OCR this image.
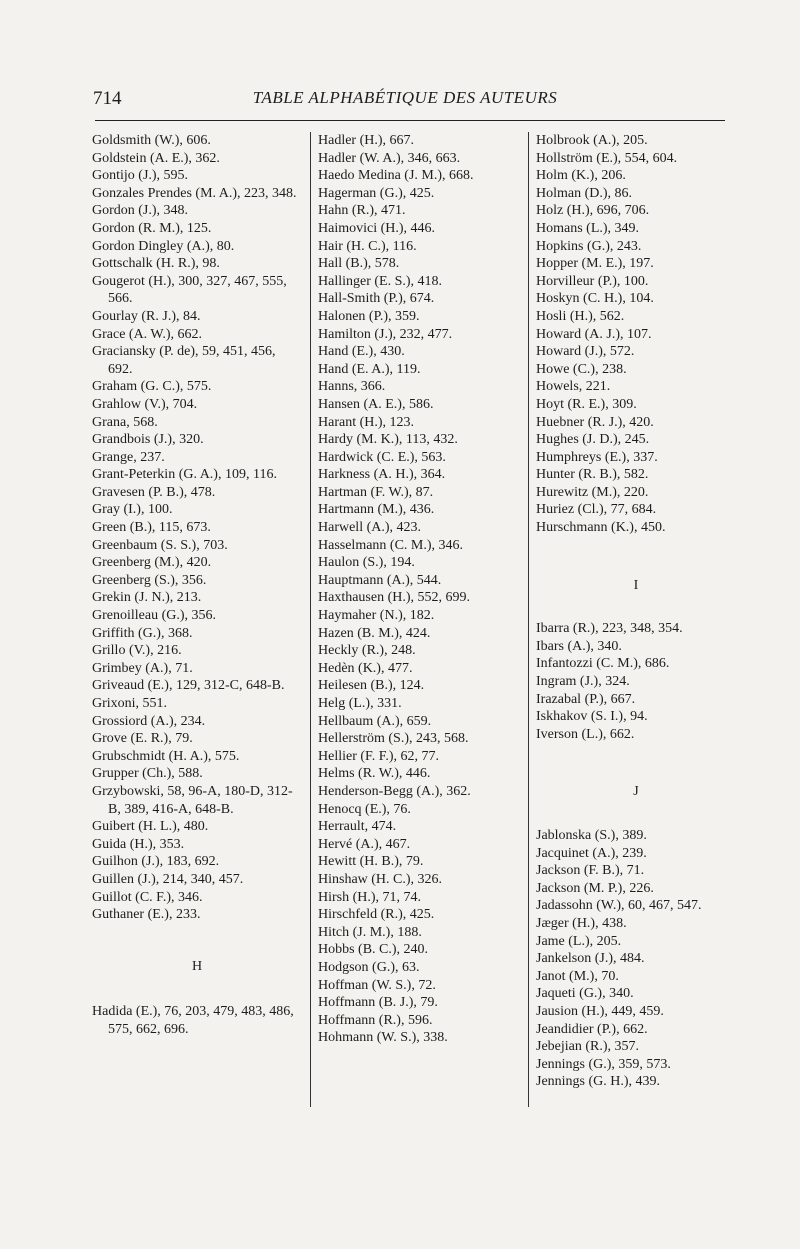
714	TABLE ALPHABÉTIQUE DES AUTEURS
Goldsmith (W.), 606.
Goldstein (A. E.), 362.
Gontijo (J.), 595.
Gonzales Prendes (M. A.), 223, 348.
Gordon (J.), 348.
Gordon (R. M.), 125.
Gordon Dingley (A.), 80.
Gottschalk (H. R.), 98.
Gougerot (H.), 300, 327, 467, 555, 566.
Gourlay (R. J.), 84.
Grace (A. W.), 662.
Graciansky (P. de), 59, 451, 456, 692.
Graham (G. C.), 575.
Grahlow (V.), 704.
Grana, 568.
Grandbois (J.), 320.
Grange, 237.
Grant-Peterkin (G. A.), 109, 116.
Gravesen (P. B.), 478.
Gray (I.), 100.
Green (B.), 115, 673.
Greenbaum (S. S.), 703.
Greenberg (M.), 420.
Greenberg (S.), 356.
Grekin (J. N.), 213.
Grenoilleau (G.), 356.
Griffith (G.), 368.
Grillo (V.), 216.
Grimbey (A.), 71.
Griveaud (E.), 129, 312-C, 648-B.
Grixoni, 551.
Grossiord (A.), 234.
Grove (E. R.), 79.
Grubschmidt (H. A.), 575.
Grupper (Ch.), 588.
Grzybowski, 58, 96-A, 180-D, 312-B, 389, 416-A, 648-B.
Guibert (H. L.), 480.
Guida (H.), 353.
Guilhon (J.), 183, 692.
Guillen (J.), 214, 340, 457.
Guillot (C. F.), 346.
Guthaner (E.), 233.
H
Hadida (E.), 76, 203, 479, 483, 486, 575, 662, 696.
Hadler (H.), 667.
Hadler (W. A.), 346, 663.
Haedo Medina (J. M.), 668.
Hagerman (G.), 425.
Hahn (R.), 471.
Haimovici (H.), 446.
Hair (H. C.), 116.
Hall (B.), 578.
Hallinger (E. S.), 418.
Hall-Smith (P.), 674.
Halonen (P.), 359.
Hamilton (J.), 232, 477.
Hand (E.), 430.
Hand (E. A.), 119.
Hanns, 366.
Hansen (A. E.), 586.
Harant (H.), 123.
Hardy (M. K.), 113, 432.
Hardwick (C. E.), 563.
Harkness (A. H.), 364.
Hartman (F. W.), 87.
Hartmann (M.), 436.
Harwell (A.), 423.
Hasselmann (C. M.), 346.
Haulon (S.), 194.
Hauptmann (A.), 544.
Haxthausen (H.), 552, 699.
Haymaher (N.), 182.
Hazen (B. M.), 424.
Heckly (R.), 248.
Hedèn (K.), 477.
Heilesen (B.), 124.
Helg (L.), 331.
Hellbaum (A.), 659.
Hellerström (S.), 243, 568.
Hellier (F. F.), 62, 77.
Helms (R. W.), 446.
Henderson-Begg (A.), 362.
Henocq (E.), 76.
Herrault, 474.
Hervé (A.), 467.
Hewitt (H. B.), 79.
Hinshaw (H. C.), 326.
Hirsh (H.), 71, 74.
Hirschfeld (R.), 425.
Hitch (J. M.), 188.
Hobbs (B. C.), 240.
Hodgson (G.), 63.
Hoffman (W. S.), 72.
Hoffmann (B. J.), 79.
Hoffmann (R.), 596.
Hohmann (W. S.), 338.
Holbrook (A.), 205.
Hollström (E.), 554, 604.
Holm (K.), 206.
Holman (D.), 86.
Holz (H.), 696, 706.
Homans (L.), 349.
Hopkins (G.), 243.
Hopper (M. E.), 197.
Horvilleur (P.), 100.
Hoskyn (C. H.), 104.
Hosli (H.), 562.
Howard (A. J.), 107.
Howard (J.), 572.
Howe (C.), 238.
Howels, 221.
Hoyt (R. E.), 309.
Huebner (R. J.), 420.
Hughes (J. D.), 245.
Humphreys (E.), 337.
Hunter (R. B.), 582.
Hurewitz (M.), 220.
Huriez (Cl.), 77, 684.
Hurschmann (K.), 450.
I
Ibarra (R.), 223, 348, 354.
Ibars (A.), 340.
Infantozzi (C. M.), 686.
Ingram (J.), 324.
Irazabal (P.), 667.
Iskhakov (S. I.), 94.
Iverson (L.), 662.
J
Jablonska (S.), 389.
Jacquinet (A.), 239.
Jackson (F. B.), 71.
Jackson (M. P.), 226.
Jadassohn (W.), 60, 467, 547.
Jæger (H.), 438.
Jame (L.), 205.
Jankelson (J.), 484.
Janot (M.), 70.
Jaqueti (G.), 340.
Jausion (H.), 449, 459.
Jeandidier (P.), 662.
Jebejian (R.), 357.
Jennings (G.), 359, 573.
Jennings (G. H.), 439.
